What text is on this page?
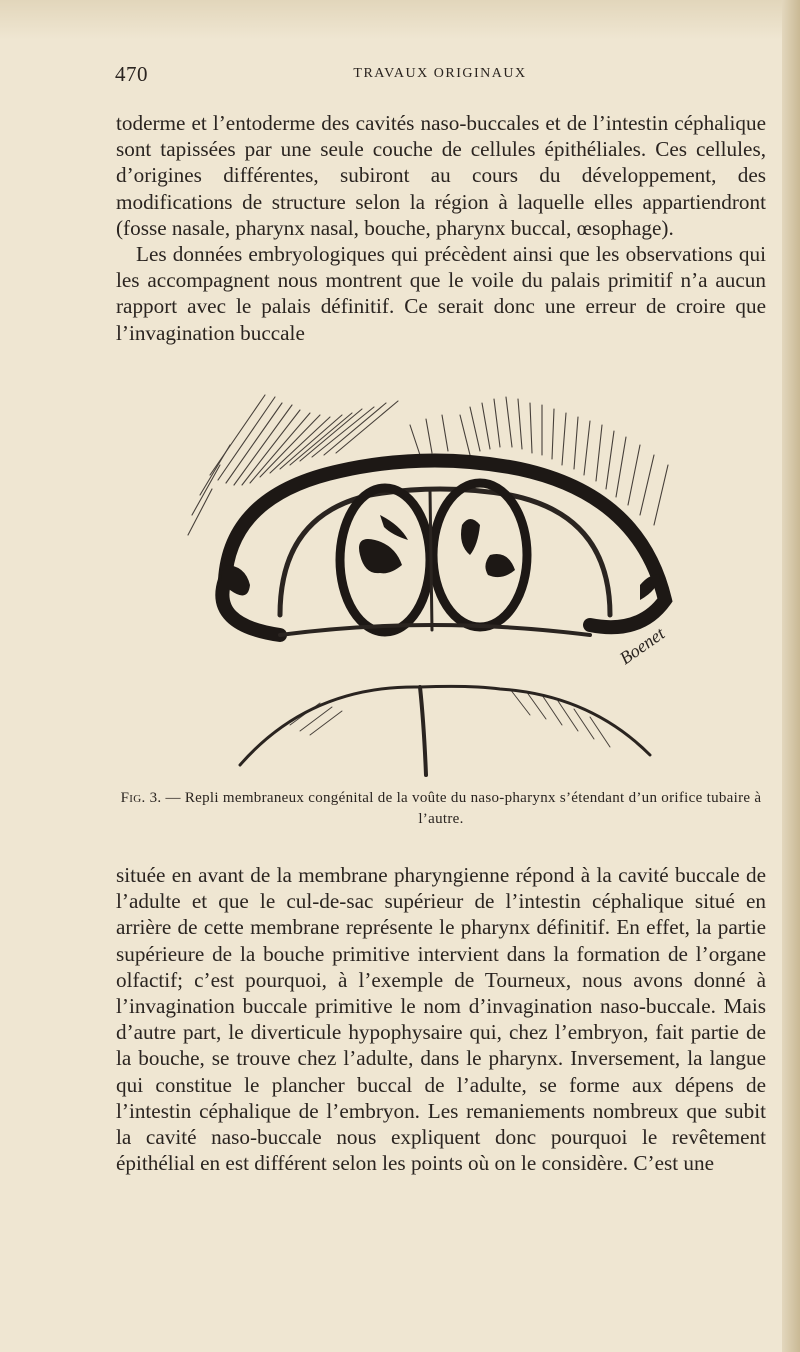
470	TRAVAUX ORIGINAUX

toderme et l’entoderme des cavités naso-buccales et de l’intestin céphalique sont tapissées par une seule couche de cellules épithéliales. Ces cellules, d’origines différentes, subiront au cours du développement, des modifications de structure selon la région à laquelle elles appartiendront (fosse nasale, pharynx nasal, bouche, pharynx buccal, œsophage).

Les données embryologiques qui précèdent ainsi que les observations qui les accompagnent nous montrent que le voile du palais primitif n’a aucun rapport avec le palais définitif. Ce serait donc une erreur de croire que l’invagination buccale

Boenet
Fig. 3. — Repli membraneux congénital de la voûte du naso-pharynx s’étendant d’un orifice tubaire à l’autre.

située en avant de la membrane pharyngienne répond à la cavité buccale de l’adulte et que le cul-de-sac supérieur de l’intestin céphalique situé en arrière de cette membrane représente le pharynx définitif. En effet, la partie supérieure de la bouche primitive intervient dans la formation de l’organe olfactif; c’est pourquoi, à l’exemple de Tourneux, nous avons donné à l’invagination buccale primitive le nom d’invagination naso-buccale. Mais d’autre part, le diverticule hypophysaire qui, chez l’embryon, fait partie de la bouche, se trouve chez l’adulte, dans le pharynx. Inversement, la langue qui constitue le plancher buccal de l’adulte, se forme aux dépens de l’intestin céphalique de l’embryon. Les remaniements nombreux que subit la cavité naso-buccale nous expliquent donc pourquoi le revêtement épithélial en est différent selon les points où on le considère. C’est une
